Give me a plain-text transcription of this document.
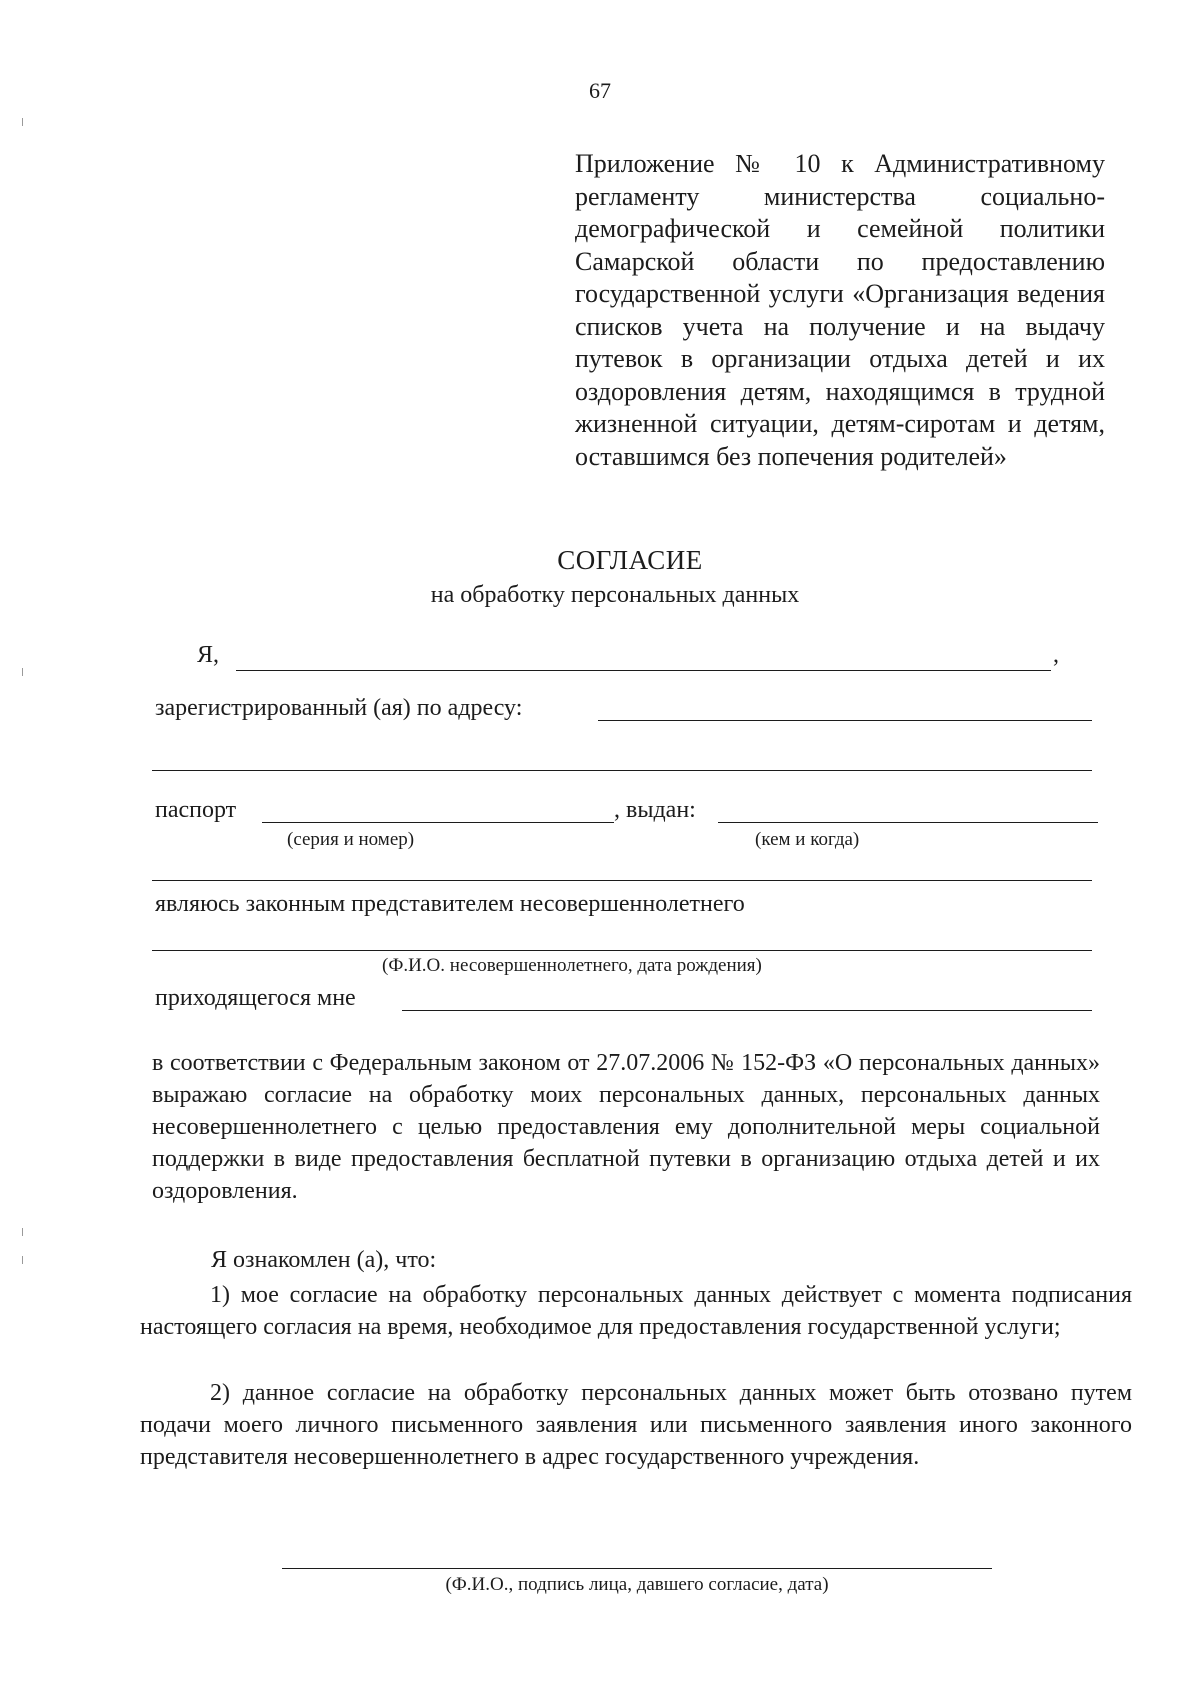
67
Приложение № 10 к Административному регламенту министерства социально-демографической и семейной политики Самарской области по предоставлению государственной услуги «Организация ведения списков учета на получение и на выдачу путевок в организации отдыха детей и их оздоровления детям, находящимся в трудной жизненной ситуации, детям-сиротам и детям, оставшимся без попечения родителей»
СОГЛАСИЕ
на обработку персональных данных
Я,	,
зарегистрированный (ая) по адресу:
паспорт	, выдан:
(серия и номер)	(кем и когда)
являюсь законным представителем несовершеннолетнего
(Ф.И.О. несовершеннолетнего, дата рождения)
приходящегося мне
в соответствии с Федеральным законом от 27.07.2006 № 152-ФЗ «О персональных данных» выражаю согласие на обработку моих персональных данных, персональных данных несовершеннолетнего с целью предоставления ему дополнительной меры социальной поддержки в виде предоставления бесплатной путевки в организацию отдыха детей и их оздоровления.
Я ознакомлен (а), что:
1) мое согласие на обработку персональных данных действует с момента подписания настоящего согласия на время, необходимое для предоставления государственной услуги;
2) данное согласие на обработку персональных данных может быть отозвано путем подачи моего личного письменного заявления или письменного заявления иного законного представителя несовершеннолетнего в адрес государственного учреждения.
(Ф.И.О., подпись лица, давшего согласие, дата)
